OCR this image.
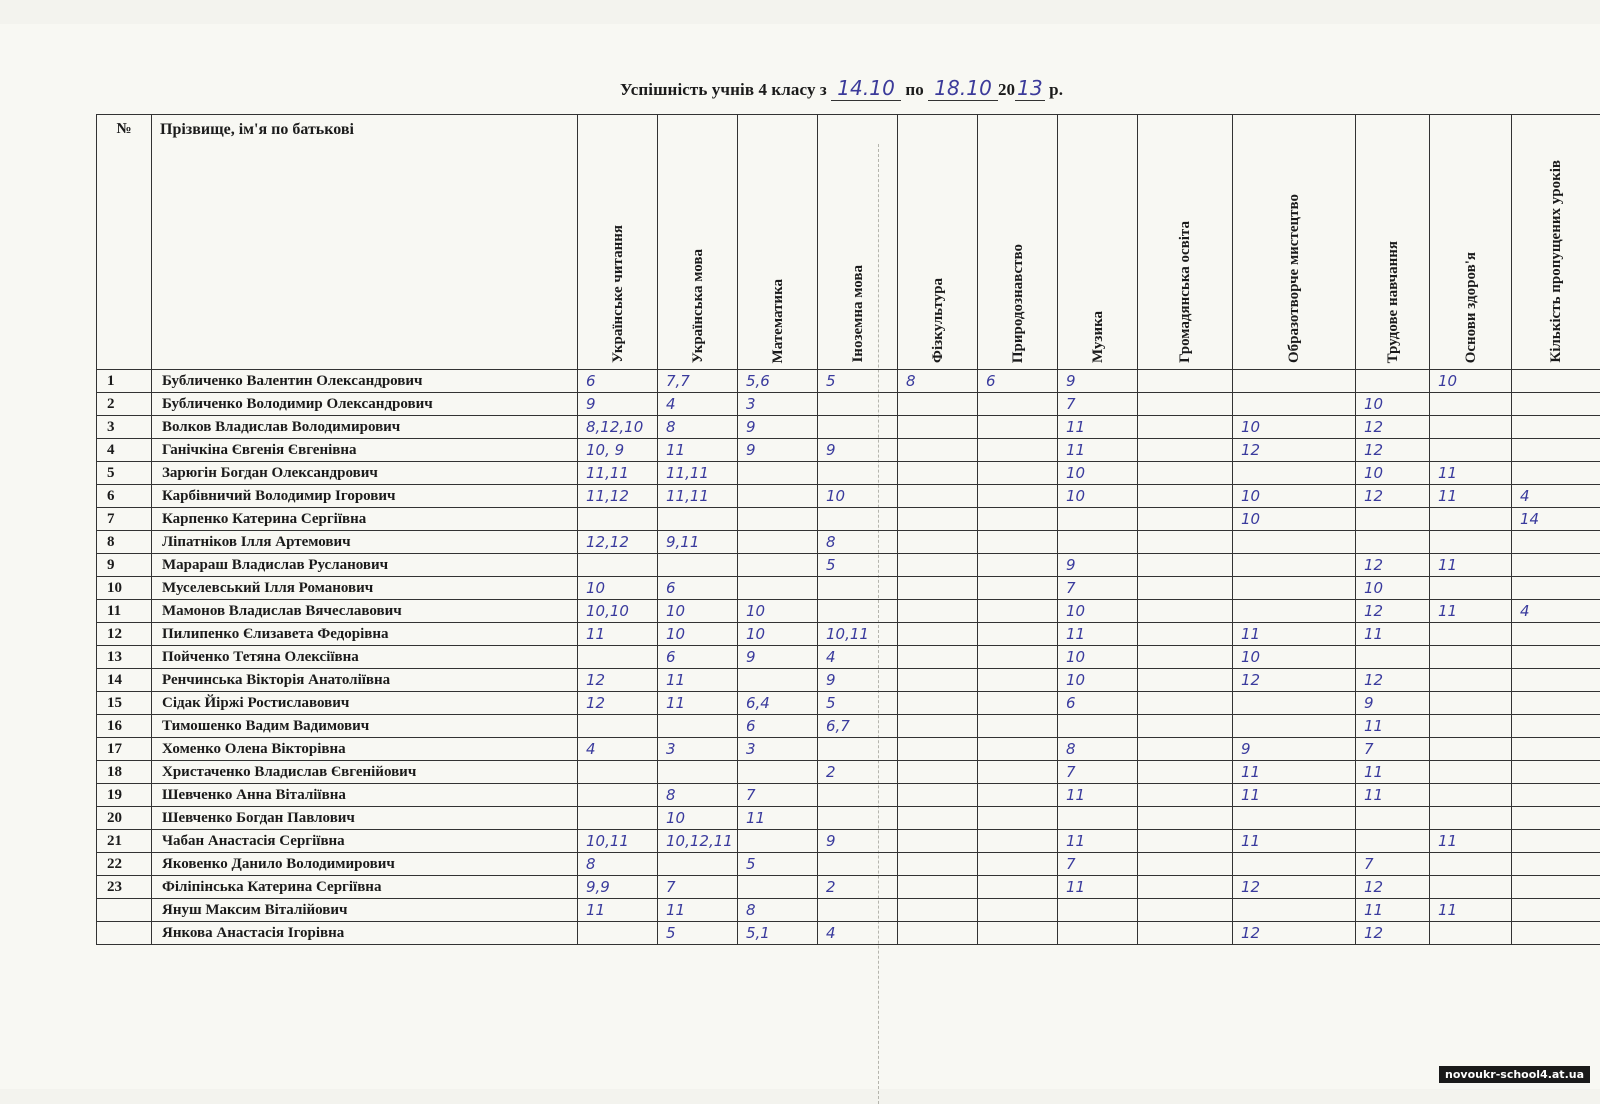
Успішність учнів 4 класу з 14.10 по 18.10 20 13 р.
№	Прізвище, ім'я по батькові	Українське читання	Українська мова	Математика	Іноземна мова	Фізкультура	Природознавство	Музика	Громадянська освіта	Образотворче мистецтво	Трудове навчання	Основи здоров'я	Кількість пропущених уроків

1	Бубличенко Валентин Олександрович	6	7,7	5,6	5	8	6	9				10	
2	Бубличенко Володимир Олександрович	9	4	3				7			10		
3	Волков Владислав Володимирович	8,12,10	8	9				11		10	12		
4	Ганічкіна Євгенія Євгенівна	10, 9	11	9	9			11		12	12		
5	Зарюгін Богдан Олександрович	11,11	11,11					10			10	11	
6	Карбівничий Володимир Ігорович	11,12	11,11		10			10		10	12	11	4
7	Карпенко Катерина Сергіївна									10			14
8	Ліпатніков Ілля Артемович	12,12	9,11		8								
9	Марараш Владислав Русланович				5			9			12	11	
10	Муселевський Ілля Романович	10	6					7			10		
11	Мамонов Владислав Вячеславович	10,10	10	10				10			12	11	4
12	Пилипенко Єлизавета Федорівна	11	10	10	10,11			11		11	11		
13	Пойченко Тетяна Олексіївна		6	9	4			10		10			
14	Ренчинська Вікторія Анатоліївна	12	11		9			10		12	12		
15	Сідак Йіржі Ростиславович	12	11	6,4	5			6			9		
16	Тимошенко Вадим Вадимович			6	6,7						11		
17	Хоменко Олена Вікторівна	4	3	3				8		9	7		
18	Христаченко Владислав Євгенійович				2			7		11	11		
19	Шевченко Анна Віталіївна		8	7				11		11	11		
20	Шевченко Богдан Павлович		10	11									
21	Чабан Анастасія Сергіївна	10,11	10,12,11		9			11		11		11	
22	Яковенко Данило Володимирович	8		5				7			7		
23	Філіпінська Катерина Сергіївна	9,9	7		2			11		12	12		
	Януш Максим Віталійович	11	11	8							11	11	
	Янкова Анастасія Ігорівна		5	5,1	4					12	12		
novoukr-school4.at.ua
